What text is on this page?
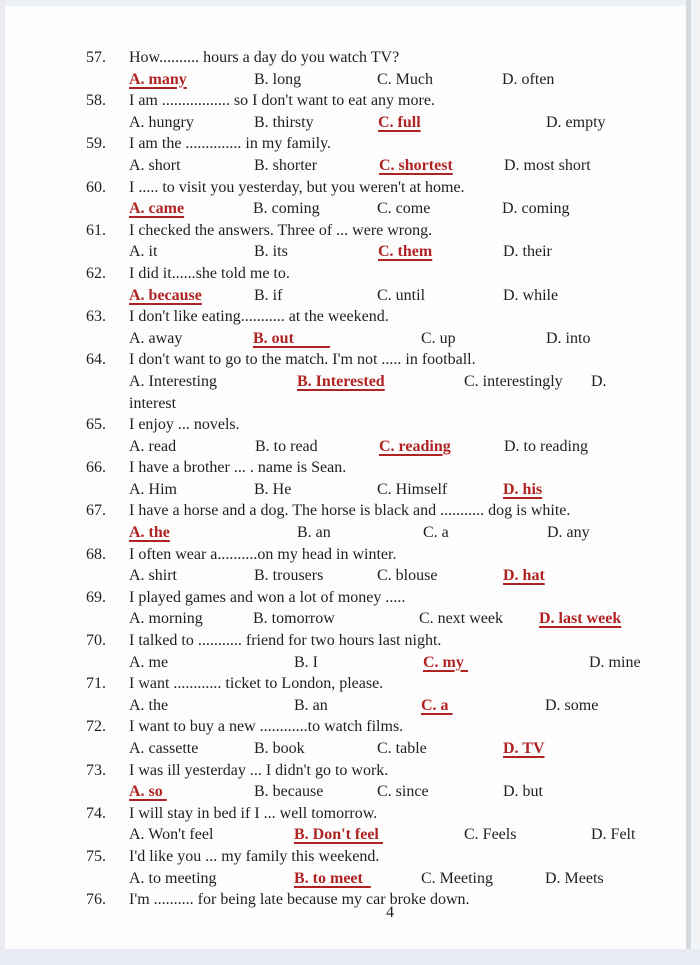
57. How.......... hours a day do you watch TV?
A. many	B. long	C. Much	D. often
58. I am ................. so I don't want to eat any more.
A. hungry	B. thirsty	C. full	D. empty
59. I am the .............. in my family.
A. short	B. shorter	C. shortest	D. most short
60. I ..... to visit you yesterday, but you weren't at home.
A. came	B. coming	C. come	D. coming
61. I checked the answers. Three of ... were wrong.
A. it	B. its	C. them	D. their
62. I did it......she told me to.
A. because	B. if	C. until	D. while
63. I don't like eating........... at the weekend.
A. away	B. out	C. up	D. into
64. I don't want to go to the match. I'm not ..... in football.
A. Interesting	B. Interested	C. interestingly D.
interest
65. I enjoy ... novels.
A. read	B. to read	C. reading	D. to reading
66. I have a brother ... . name is Sean.
A. Him	B. He	C. Himself	D. his
67. I have a horse and a dog. The horse is black and ........... dog is white.
A. the	B. an	C. a	D. any
68. I often wear a..........on my head in winter.
A. shirt	B. trousers	C. blouse	D. hat
69. I played games and won a lot of money .....
A. morning	B. tomorrow	C. next week D. last week
70. I talked to ........... friend for two hours last night.
A. me	B. I	C. my	D. mine
71. I want ............ ticket to London, please.
A. the	B. an	C. a	D. some
72. I want to buy a new ............to watch films.
A. cassette	B. book	C. table	D. TV
73. I was ill yesterday ... I didn't go to work.
A. so	B. because	C. since	D. but
74. I will stay in bed if I ... well tomorrow.
A. Won't feel	B. Don't feel	C. Feels	D. Felt
75. I'd like you ... my family this weekend.
A. to meeting	B. to meet	C. Meeting	D. Meets
76. I'm .......... for being late because my car broke down.
4
